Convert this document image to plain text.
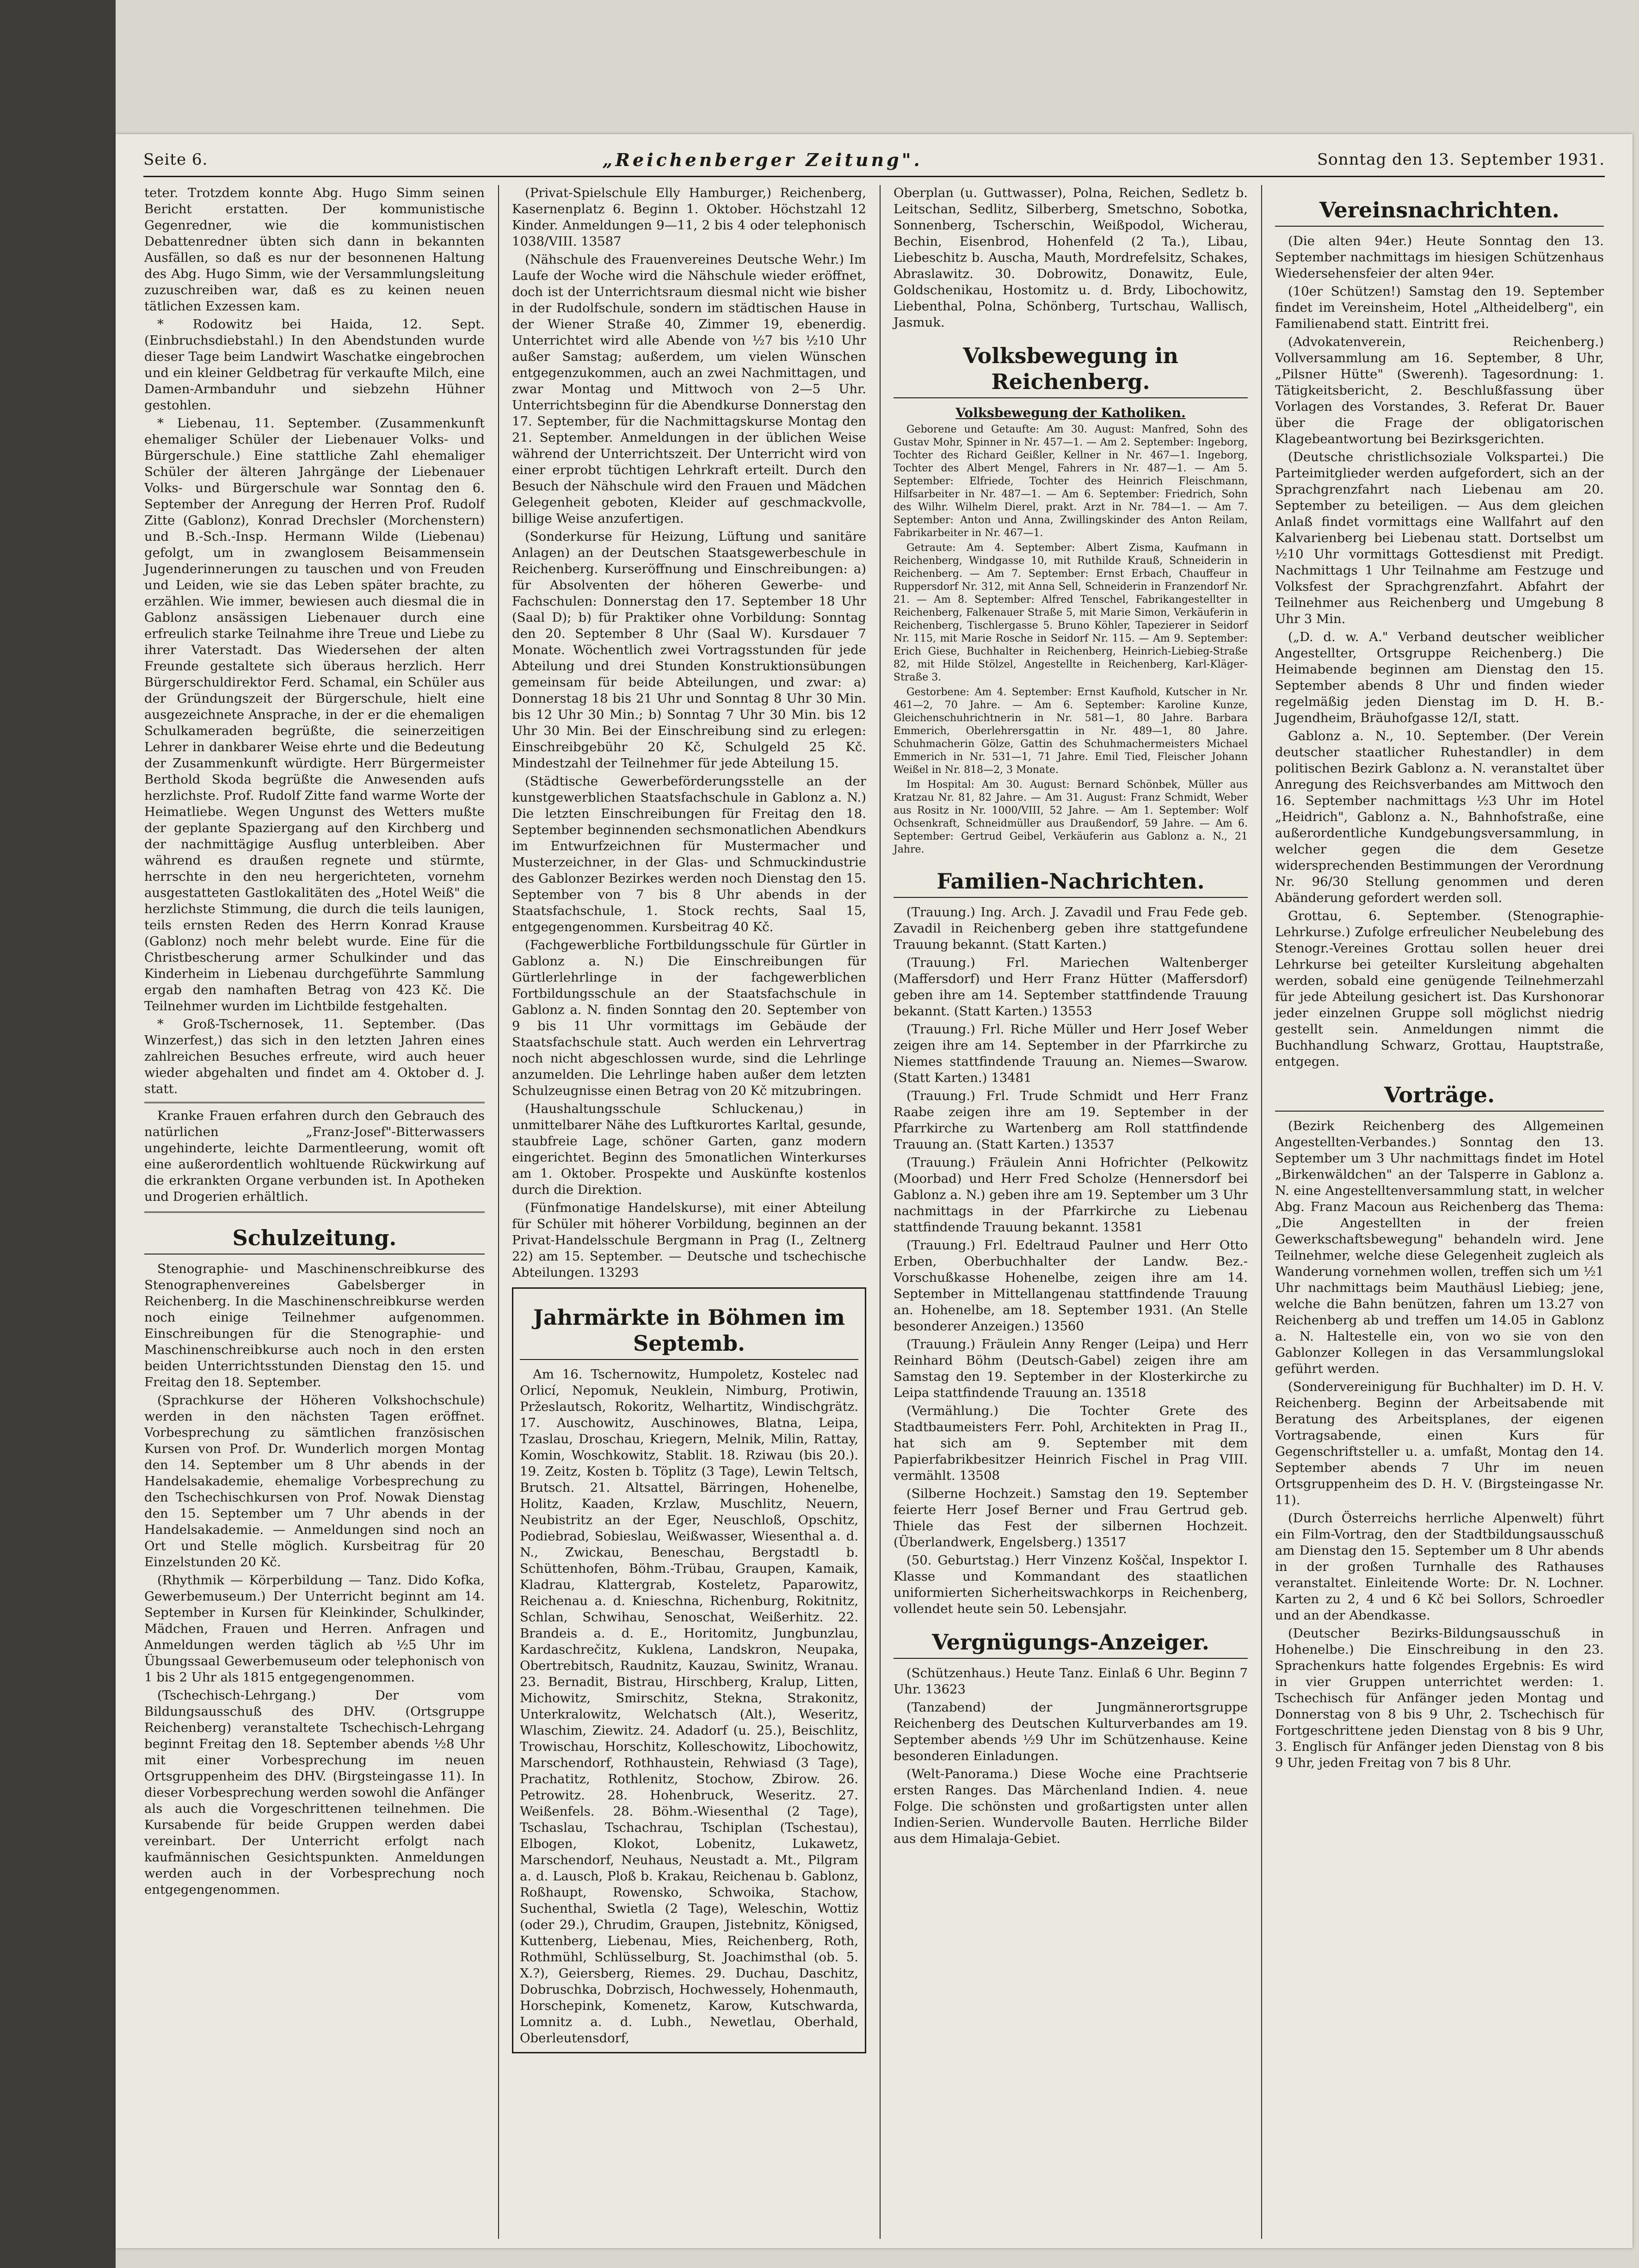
Seite 6.	„Reichenberger Zeitung".	Sonntag den 13. September 1931.

teter. Trotzdem konnte Abg. Hugo Simm seinen Bericht erstatten. Der kommunistische Gegenredner, wie die kommunistischen Debattenredner übten sich dann in bekannten Ausfällen, so daß es nur der besonnenen Haltung des Abg. Hugo Simm, wie der Versammlungsleitung zuzuschreiben war, daß es zu keinen neuen tätlichen Exzessen kam.

* Rodowitz bei Haida, 12. Sept. (Einbruchsdiebstahl.) In den Abendstunden wurde dieser Tage beim Landwirt Waschatke eingebrochen und ein kleiner Geldbetrag für verkaufte Milch, eine Damen-Armbanduhr und siebzehn Hühner gestohlen.

* Liebenau, 11. September. (Zusammenkunft ehemaliger Schüler der Liebenauer Volks- und Bürgerschule.) Eine stattliche Zahl ehemaliger Schüler der älteren Jahrgänge der Liebenauer Volks- und Bürgerschule war Sonntag den 6. September der Anregung der Herren Prof. Rudolf Zitte (Gablonz), Konrad Drechsler (Morchenstern) und B.-Sch.-Insp. Hermann Wilde (Liebenau) gefolgt, um in zwanglosem Beisammensein Jugenderinnerungen zu tauschen und von Freuden und Leiden, wie sie das Leben später brachte, zu erzählen. Wie immer, bewiesen auch diesmal die in Gablonz ansässigen Liebenauer durch eine erfreulich starke Teilnahme ihre Treue und Liebe zu ihrer Vaterstadt. Das Wiedersehen der alten Freunde gestaltete sich überaus herzlich. Herr Bürgerschuldirektor Ferd. Schamal, ein Schüler aus der Gründungszeit der Bürgerschule, hielt eine ausgezeichnete Ansprache, in der er die ehemaligen Schulkameraden begrüßte, die seinerzeitigen Lehrer in dankbarer Weise ehrte und die Bedeutung der Zusammenkunft würdigte. Herr Bürgermeister Berthold Skoda begrüßte die Anwesenden aufs herzlichste. Prof. Rudolf Zitte fand warme Worte der Heimatliebe. Wegen Ungunst des Wetters mußte der geplante Spaziergang auf den Kirchberg und der nachmittägige Ausflug unterbleiben. Aber während es draußen regnete und stürmte, herrschte in den neu hergerichteten, vornehm ausgestatteten Gastlokalitäten des „Hotel Weiß" die herzlichste Stimmung, die durch die teils launigen, teils ernsten Reden des Herrn Konrad Krause (Gablonz) noch mehr belebt wurde. Eine für die Christbescherung armer Schulkinder und das Kinderheim in Liebenau durchgeführte Sammlung ergab den namhaften Betrag von 423 Kč. Die Teilnehmer wurden im Lichtbilde festgehalten.

* Groß-Tschernosek, 11. September. (Das Winzerfest,) das sich in den letzten Jahren eines zahlreichen Besuches erfreute, wird auch heuer wieder abgehalten und findet am 4. Oktober d. J. statt.

Kranke Frauen erfahren durch den Gebrauch des natürlichen „Franz-Josef"-Bitterwassers ungehinderte, leichte Darmentleerung, womit oft eine außerordentlich wohltuende Rückwirkung auf die erkrankten Organe verbunden ist. In Apotheken und Drogerien erhältlich.

Schulzeitung.

Stenographie- und Maschinenschreibkurse des Stenographenvereines Gabelsberger in Reichenberg. In die Maschinenschreibkurse werden noch einige Teilnehmer aufgenommen. Einschreibungen für die Stenographie- und Maschinenschreibkurse auch noch in den ersten beiden Unterrichtsstunden Dienstag den 15. und Freitag den 18. September.

(Sprachkurse der Höheren Volkshochschule) werden in den nächsten Tagen eröffnet. Vorbesprechung zu sämtlichen französischen Kursen von Prof. Dr. Wunderlich morgen Montag den 14. September um 8 Uhr abends in der Handelsakademie, ehemalige Vorbesprechung zu den Tschechischkursen von Prof. Nowak Dienstag den 15. September um 7 Uhr abends in der Handelsakademie. — Anmeldungen sind noch an Ort und Stelle möglich. Kursbeitrag für 20 Einzelstunden 20 Kč.

(Rhythmik — Körperbildung — Tanz. Dido Kofka, Gewerbemuseum.) Der Unterricht beginnt am 14. September in Kursen für Kleinkinder, Schulkinder, Mädchen, Frauen und Herren. Anfragen und Anmeldungen werden täglich ab ½5 Uhr im Übungssaal Gewerbemuseum oder telephonisch von 1 bis 2 Uhr als 1815 entgegengenommen.

(Tschechisch-Lehrgang.) Der vom Bildungsausschuß des DHV. (Ortsgruppe Reichenberg) veranstaltete Tschechisch-Lehrgang beginnt Freitag den 18. September abends ½8 Uhr mit einer Vorbesprechung im neuen Ortsgruppenheim des DHV. (Birgsteingasse 11). In dieser Vorbesprechung werden sowohl die Anfänger als auch die Vorgeschrittenen teilnehmen. Die Kursabende für beide Gruppen werden dabei vereinbart. Der Unterricht erfolgt nach kaufmännischen Gesichtspunkten. Anmeldungen werden auch in der Vorbesprechung noch entgegengenommen.

(Privat-Spielschule Elly Hamburger,) Reichenberg, Kasernenplatz 6. Beginn 1. Oktober. Höchstzahl 12 Kinder. Anmeldungen 9—11, 2 bis 4 oder telephonisch 1038/VIII. 13587

(Nähschule des Frauenvereines Deutsche Wehr.) Im Laufe der Woche wird die Nähschule wieder eröffnet, doch ist der Unterrichtsraum diesmal nicht wie bisher in der Rudolfschule, sondern im städtischen Hause in der Wiener Straße 40, Zimmer 19, ebenerdig. Unterrichtet wird alle Abende von ½7 bis ½10 Uhr außer Samstag; außerdem, um vielen Wünschen entgegenzukommen, auch an zwei Nachmittagen, und zwar Montag und Mittwoch von 2—5 Uhr. Unterrichtsbeginn für die Abendkurse Donnerstag den 17. September, für die Nachmittagskurse Montag den 21. September. Anmeldungen in der üblichen Weise während der Unterrichtszeit. Der Unterricht wird von einer erprobt tüchtigen Lehrkraft erteilt. Durch den Besuch der Nähschule wird den Frauen und Mädchen Gelegenheit geboten, Kleider auf geschmackvolle, billige Weise anzufertigen.

(Sonderkurse für Heizung, Lüftung und sanitäre Anlagen) an der Deutschen Staatsgewerbeschule in Reichenberg. Kurseröffnung und Einschreibungen: a) für Absolventen der höheren Gewerbe- und Fachschulen: Donnerstag den 17. September 18 Uhr (Saal D); b) für Praktiker ohne Vorbildung: Sonntag den 20. September 8 Uhr (Saal W). Kursdauer 7 Monate. Wöchentlich zwei Vortragsstunden für jede Abteilung und drei Stunden Konstruktionsübungen gemeinsam für beide Abteilungen, und zwar: a) Donnerstag 18 bis 21 Uhr und Sonntag 8 Uhr 30 Min. bis 12 Uhr 30 Min.; b) Sonntag 7 Uhr 30 Min. bis 12 Uhr 30 Min. Bei der Einschreibung sind zu erlegen: Einschreibgebühr 20 Kč, Schulgeld 25 Kč. Mindestzahl der Teilnehmer für jede Abteilung 15.

(Städtische Gewerbeförderungsstelle an der kunstgewerblichen Staatsfachschule in Gablonz a. N.) Die letzten Einschreibungen für Freitag den 18. September beginnenden sechsmonatlichen Abendkurs im Entwurfzeichnen für Mustermacher und Musterzeichner, in der Glas- und Schmuckindustrie des Gablonzer Bezirkes werden noch Dienstag den 15. September von 7 bis 8 Uhr abends in der Staatsfachschule, 1. Stock rechts, Saal 15, entgegengenommen. Kursbeitrag 40 Kč.

(Fachgewerbliche Fortbildungsschule für Gürtler in Gablonz a. N.) Die Einschreibungen für Gürtlerlehrlinge in der fachgewerblichen Fortbildungsschule an der Staatsfachschule in Gablonz a. N. finden Sonntag den 20. September von 9 bis 11 Uhr vormittags im Gebäude der Staatsfachschule statt. Auch werden ein Lehrvertrag noch nicht abgeschlossen wurde, sind die Lehrlinge anzumelden. Die Lehrlinge haben außer dem letzten Schulzeugnisse einen Betrag von 20 Kč mitzubringen.

(Haushaltungsschule Schluckenau,) in unmittelbarer Nähe des Luftkurortes Karltal, gesunde, staubfreie Lage, schöner Garten, ganz modern eingerichtet. Beginn des 5monatlichen Winterkurses am 1. Oktober. Prospekte und Auskünfte kostenlos durch die Direktion.

(Fünfmonatige Handelskurse), mit einer Abteilung für Schüler mit höherer Vorbildung, beginnen an der Privat-Handelsschule Bergmann in Prag (I., Zeltnerg 22) am 15. September. — Deutsche und tschechische Abteilungen. 13293

Jahrmärkte in Böhmen im Septemb.

Am 16. Tschernowitz, Humpoletz, Kostelec nad Orlicí, Nepomuk, Neuklein, Nimburg, Protiwin, Pržeslautsch, Rokoritz, Welhartitz, Windischgrätz. 17. Auschowitz, Auschinowes, Blatna, Leipa, Tzaslau, Droschau, Kriegern, Melnik, Milin, Rattay, Komin, Woschkowitz, Stablit. 18. Rziwau (bis 20.). 19. Zeitz, Kosten b. Töplitz (3 Tage), Lewin Teltsch, Brutsch. 21. Altsattel, Bärringen, Hohenelbe, Holitz, Kaaden, Krzlaw, Muschlitz, Neuern, Neubistritz an der Eger, Neuschloß, Opschitz, Podiebrad, Sobieslau, Weißwasser, Wiesenthal a. d. N., Zwickau, Beneschau, Bergstadtl b. Schüttenhofen, Böhm.-Trübau, Graupen, Kamaik, Kladrau, Klattergrab, Kosteletz, Paparowitz, Reichenau a. d. Knieschna, Richenburg, Rokitnitz, Schlan, Schwihau, Senoschat, Weißerhitz. 22. Brandeis a. d. E., Horitomitz, Jungbunzlau, Kardaschrečitz, Kuklena, Landskron, Neupaka, Obertrebitsch, Raudnitz, Kauzau, Swinitz, Wranau. 23. Bernadit, Bistrau, Hirschberg, Kralup, Litten, Michowitz, Smirschitz, Stekna, Strakonitz, Unterkralowitz, Welchatsch (Alt.), Weseritz, Wlaschim, Ziewitz. 24. Adadorf (u. 25.), Beischlitz, Trowischau, Horschitz, Kolleschowitz, Libochowitz, Marschendorf, Rothhaustein, Rehwiasd (3 Tage), Prachatitz, Rothlenitz, Stochow, Zbirow. 26. Petrowitz. 28. Hohenbruck, Weseritz. 27. Weißenfels. 28. Böhm.-Wiesenthal (2 Tage), Tschaslau, Tschachrau, Tschiplan (Tschestau), Elbogen, Klokot, Lobenitz, Lukawetz, Marschendorf, Neuhaus, Neustadt a. Mt., Pilgram a. d. Lausch, Ploß b. Krakau, Reichenau b. Gablonz, Roßhaupt, Rowensko, Schwoika, Stachow, Suchenthal, Swietla (2 Tage), Weleschin, Wottiz (oder 29.), Chrudim, Graupen, Jistebnitz, Königsed, Kuttenberg, Liebenau, Mies, Reichenberg, Roth, Rothmühl, Schlüsselburg, St. Joachimsthal (ob. 5. X.?), Geiersberg, Riemes. 29. Duchau, Daschitz, Dobruschka, Dobrzisch, Hochwessely, Hohenmauth, Horschepink, Komenetz, Karow, Kutschwarda, Lomnitz a. d. Lubh., Newetlau, Oberhald, Oberleutensdorf,

Oberplan (u. Guttwasser), Polna, Reichen, Sedletz b. Leitschan, Sedlitz, Silberberg, Smetschno, Sobotka, Sonnenberg, Tscherschin, Weißpodol, Wicherau, Bechin, Eisenbrod, Hohenfeld (2 Ta.), Libau, Liebeschitz b. Auscha, Mauth, Mordrefelsitz, Schakes, Abraslawitz. 30. Dobrowitz, Donawitz, Eule, Goldschenikau, Hostomitz u. d. Brdy, Libochowitz, Liebenthal, Polna, Schönberg, Turtschau, Wallisch, Jasmuk.

Volksbewegung in Reichenberg.
Volksbewegung der Katholiken.

Geborene und Getaufte: Am 30. August: Manfred, Sohn des Gustav Mohr, Spinner in Nr. 457—1. — Am 2. September: Ingeborg, Tochter des Richard Geißler, Kellner in Nr. 467—1. Ingeborg, Tochter des Albert Mengel, Fahrers in Nr. 487—1. — Am 5. September: Elfriede, Tochter des Heinrich Fleischmann, Hilfsarbeiter in Nr. 487—1. — Am 6. September: Friedrich, Sohn des Wilhr. Wilhelm Dierel, prakt. Arzt in Nr. 784—1. — Am 7. September: Anton und Anna, Zwillingskinder des Anton Reilam, Fabrikarbeiter in Nr. 467—1.

Getraute: Am 4. September: Albert Zisma, Kaufmann in Reichenberg, Windgasse 10, mit Ruthilde Krauß, Schneiderin in Reichenberg. — Am 7. September: Ernst Erbach, Chauffeur in Ruppersdorf Nr. 312, mit Anna Sell, Schneiderin in Franzendorf Nr. 21. — Am 8. September: Alfred Tenschel, Fabrikangestellter in Reichenberg, Falkenauer Straße 5, mit Marie Simon, Verkäuferin in Reichenberg, Tischlergasse 5. Bruno Köhler, Tapezierer in Seidorf Nr. 115, mit Marie Rosche in Seidorf Nr. 115. — Am 9. September: Erich Giese, Buchhalter in Reichenberg, Heinrich-Liebieg-Straße 82, mit Hilde Stölzel, Angestellte in Reichenberg, Karl-Kläger-Straße 3.

Gestorbene: Am 4. September: Ernst Kaufhold, Kutscher in Nr. 461—2, 70 Jahre. — Am 6. September: Karoline Kunze, Gleichenschuhrichtnerin in Nr. 581—1, 80 Jahre. Barbara Emmerich, Oberlehrersgattin in Nr. 489—1, 80 Jahre. Schuhmacherin Gölze, Gattin des Schuhmachermeisters Michael Emmerich in Nr. 531—1, 71 Jahre. Emil Tied, Fleischer Johann Weißel in Nr. 818—2, 3 Monate.

Im Hospital: Am 30. August: Bernard Schönbek, Müller aus Kratzau Nr. 81, 82 Jahre. — Am 31. August: Franz Schmidt, Weber aus Rositz in Nr. 1000/VIII, 52 Jahre. — Am 1. September: Wolf Ochsenkraft, Schneidmüller aus Draußendorf, 59 Jahre. — Am 6. September: Gertrud Geibel, Verkäuferin aus Gablonz a. N., 21 Jahre.

Familien-Nachrichten.

(Trauung.) Ing. Arch. J. Zavadil und Frau Fede geb. Zavadil in Reichenberg geben ihre stattgefundene Trauung bekannt. (Statt Karten.)

(Trauung.) Frl. Mariechen Waltenberger (Maffersdorf) und Herr Franz Hütter (Maffersdorf) geben ihre am 14. September stattfindende Trauung bekannt. (Statt Karten.) 13553

(Trauung.) Frl. Riche Müller und Herr Josef Weber zeigen ihre am 14. September in der Pfarrkirche zu Niemes stattfindende Trauung an. Niemes—Swarow. (Statt Karten.) 13481

(Trauung.) Frl. Trude Schmidt und Herr Franz Raabe zeigen ihre am 19. September in der Pfarrkirche zu Wartenberg am Roll stattfindende Trauung an. (Statt Karten.) 13537

(Trauung.) Fräulein Anni Hofrichter (Pelkowitz (Moorbad) und Herr Fred Scholze (Hennersdorf bei Gablonz a. N.) geben ihre am 19. September um 3 Uhr nachmittags in der Pfarrkirche zu Liebenau stattfindende Trauung bekannt. 13581

(Trauung.) Frl. Edeltraud Paulner und Herr Otto Erben, Oberbuchhalter der Landw. Bez.-Vorschußkasse Hohenelbe, zeigen ihre am 14. September in Mittellangenau stattfindende Trauung an. Hohenelbe, am 18. September 1931. (An Stelle besonderer Anzeigen.) 13560

(Trauung.) Fräulein Anny Renger (Leipa) und Herr Reinhard Böhm (Deutsch-Gabel) zeigen ihre am Samstag den 19. September in der Klosterkirche zu Leipa stattfindende Trauung an. 13518

(Vermählung.) Die Tochter Grete des Stadtbaumeisters Ferr. Pohl, Architekten in Prag II., hat sich am 9. September mit dem Papierfabrikbesitzer Heinrich Fischel in Prag VIII. vermählt. 13508

(Silberne Hochzeit.) Samstag den 19. September feierte Herr Josef Berner und Frau Gertrud geb. Thiele das Fest der silbernen Hochzeit. (Überlandwerk, Engelsberg.) 13517

(50. Geburtstag.) Herr Vinzenz Koščal, Inspektor I. Klasse und Kommandant des staatlichen uniformierten Sicherheitswachkorps in Reichenberg, vollendet heute sein 50. Lebensjahr.

Vergnügungs-Anzeiger.

(Schützenhaus.) Heute Tanz. Einlaß 6 Uhr. Beginn 7 Uhr. 13623

(Tanzabend) der Jungmännerortsgruppe Reichenberg des Deutschen Kulturverbandes am 19. September abends ½9 Uhr im Schützenhause. Keine besonderen Einladungen.

(Welt-Panorama.) Diese Woche eine Prachtserie ersten Ranges. Das Märchenland Indien. 4. neue Folge. Die schönsten und großartigsten unter allen Indien-Serien. Wundervolle Bauten. Herrliche Bilder aus dem Himalaja-Gebiet.

Vereinsnachrichten.

(Die alten 94er.) Heute Sonntag den 13. September nachmittags im hiesigen Schützenhaus Wiedersehensfeier der alten 94er.

(10er Schützen!) Samstag den 19. September findet im Vereinsheim, Hotel „Altheidelberg", ein Familienabend statt. Eintritt frei.

(Advokatenverein, Reichenberg.) Vollversammlung am 16. September, 8 Uhr, „Pilsner Hütte" (Swerenh). Tagesordnung: 1. Tätigkeitsbericht, 2. Beschlußfassung über Vorlagen des Vorstandes, 3. Referat Dr. Bauer über die Frage der obligatorischen Klagebeantwortung bei Bezirksgerichten.

(Deutsche christlichsoziale Volkspartei.) Die Parteimitglieder werden aufgefordert, sich an der Sprachgrenzfahrt nach Liebenau am 20. September zu beteiligen. — Aus dem gleichen Anlaß findet vormittags eine Wallfahrt auf den Kalvarienberg bei Liebenau statt. Dortselbst um ½10 Uhr vormittags Gottesdienst mit Predigt. Nachmittags 1 Uhr Teilnahme am Festzuge und Volksfest der Sprachgrenzfahrt. Abfahrt der Teilnehmer aus Reichenberg und Umgebung 8 Uhr 3 Min.

(„D. d. w. A." Verband deutscher weiblicher Angestellter, Ortsgruppe Reichenberg.) Die Heimabende beginnen am Dienstag den 15. September abends 8 Uhr und finden wieder regelmäßig jeden Dienstag im D. H. B.-Jugendheim, Bräuhofgasse 12/I, statt.

Gablonz a. N., 10. September. (Der Verein deutscher staatlicher Ruhestandler) in dem politischen Bezirk Gablonz a. N. veranstaltet über Anregung des Reichsverbandes am Mittwoch den 16. September nachmittags ½3 Uhr im Hotel „Heidrich", Gablonz a. N., Bahnhofstraße, eine außerordentliche Kundgebungsversammlung, in welcher gegen die dem Gesetze widersprechenden Bestimmungen der Verordnung Nr. 96/30 Stellung genommen und deren Abänderung gefordert werden soll.

Grottau, 6. September. (Stenographie-Lehrkurse.) Zufolge erfreulicher Neubelebung des Stenogr.-Vereines Grottau sollen heuer drei Lehrkurse bei geteilter Kursleitung abgehalten werden, sobald eine genügende Teilnehmerzahl für jede Abteilung gesichert ist. Das Kurshonorar jeder einzelnen Gruppe soll möglichst niedrig gestellt sein. Anmeldungen nimmt die Buchhandlung Schwarz, Grottau, Hauptstraße, entgegen.

Vorträge.

(Bezirk Reichenberg des Allgemeinen Angestellten-Verbandes.) Sonntag den 13. September um 3 Uhr nachmittags findet im Hotel „Birkenwäldchen" an der Talsperre in Gablonz a. N. eine Angestelltenversammlung statt, in welcher Abg. Franz Macoun aus Reichenberg das Thema: „Die Angestellten in der freien Gewerkschaftsbewegung" behandeln wird. Jene Teilnehmer, welche diese Gelegenheit zugleich als Wanderung vornehmen wollen, treffen sich um ½1 Uhr nachmittags beim Mauthäusl Liebieg; jene, welche die Bahn benützen, fahren um 13.27 von Reichenberg ab und treffen um 14.05 in Gablonz a. N. Haltestelle ein, von wo sie von den Gablonzer Kollegen in das Versammlungslokal geführt werden.

(Sondervereinigung für Buchhalter) im D. H. V. Reichenberg. Beginn der Arbeitsabende mit Beratung des Arbeitsplanes, der eigenen Vortragsabende, einen Kurs für Gegenschriftsteller u. a. umfaßt, Montag den 14. September abends 7 Uhr im neuen Ortsgruppenheim des D. H. V. (Birgsteingasse Nr. 11).

(Durch Österreichs herrliche Alpenwelt) führt ein Film-Vortrag, den der Stadtbildungsausschuß am Dienstag den 15. September um 8 Uhr abends in der großen Turnhalle des Rathauses veranstaltet. Einleitende Worte: Dr. N. Lochner. Karten zu 2, 4 und 6 Kč bei Sollors, Schroedler und an der Abendkasse.

(Deutscher Bezirks-Bildungsausschuß in Hohenelbe.) Die Einschreibung in den 23. Sprachenkurs hatte folgendes Ergebnis: Es wird in vier Gruppen unterrichtet werden: 1. Tschechisch für Anfänger jeden Montag und Donnerstag von 8 bis 9 Uhr, 2. Tschechisch für Fortgeschrittene jeden Dienstag von 8 bis 9 Uhr, 3. Englisch für Anfänger jeden Dienstag von 8 bis 9 Uhr, jeden Freitag von 7 bis 8 Uhr.
